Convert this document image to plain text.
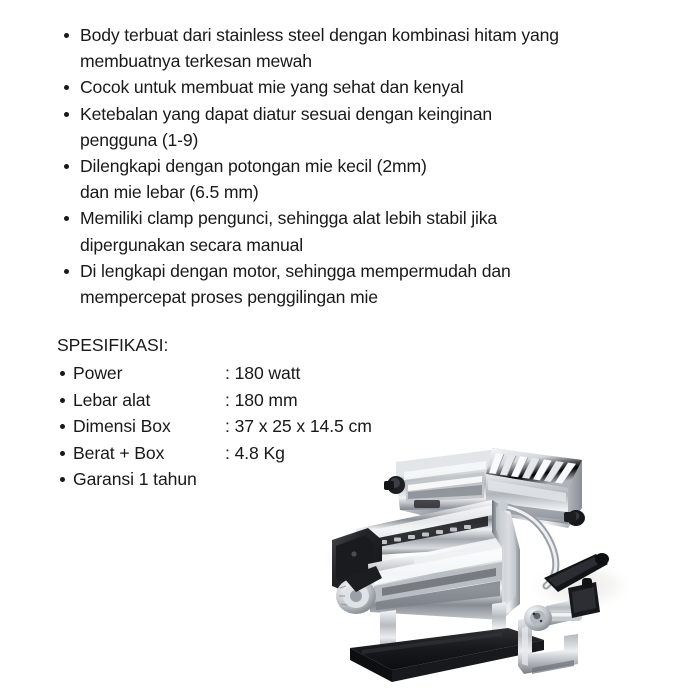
Body terbuat dari stainless steel dengan kombinasi hitam yang
membuatnya terkesan mewah
Cocok untuk membuat mie yang sehat dan kenyal
Ketebalan yang dapat diatur sesuai dengan keinginan
pengguna (1-9)
Dilengkapi dengan potongan mie kecil (2mm)
dan mie lebar (6.5 mm)
Memiliki clamp pengunci, sehingga alat lebih stabil jika
dipergunakan secara manual
Di lengkapi dengan motor, sehingga mempermudah dan
mempercepat proses penggilingan mie
SPESIFIKASI:
Power	: 180 watt
Lebar alat	: 180 mm
Dimensi Box	: 37 x 25 x 14.5 cm
Berat + Box	: 4.8 Kg
Garansi 1 tahun
